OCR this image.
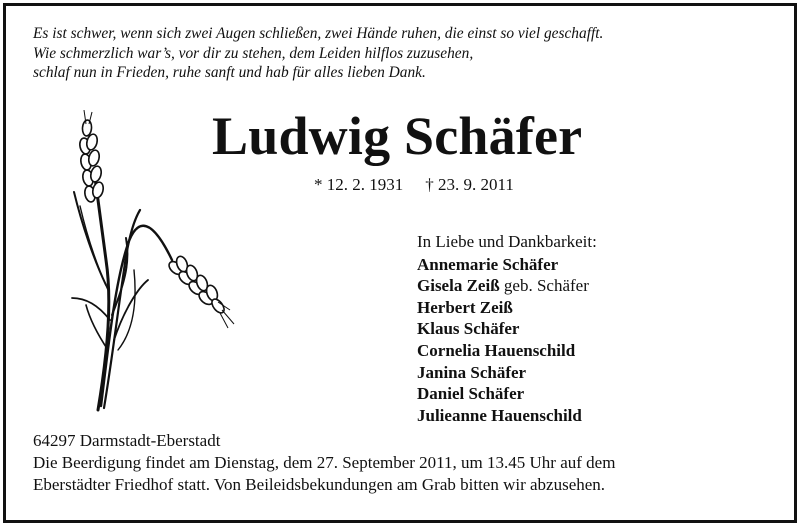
Es ist schwer, wenn sich zwei Augen schließen, zwei Hände ruhen, die einst so viel geschafft.
Wie schmerzlich war’s, vor dir zu stehen, dem Leiden hilflos zuzusehen,
schlaf nun in Frieden, ruhe sanft und hab für alles lieben Dank.
Ludwig Schäfer
* 12. 2. 1931 † 23. 9. 2011
In Liebe und Dankbarkeit:
Annemarie Schäfer
Gisela Zeiß geb. Schäfer
Herbert Zeiß
Klaus Schäfer
Cornelia Hauenschild
Janina Schäfer
Daniel Schäfer
Julieanne Hauenschild
64297 Darmstadt-Eberstadt
Die Beerdigung findet am Dienstag, dem 27. September 2011, um 13.45 Uhr auf dem
Eberstädter Friedhof statt. Von Beileidsbekundungen am Grab bitten wir abzusehen.
